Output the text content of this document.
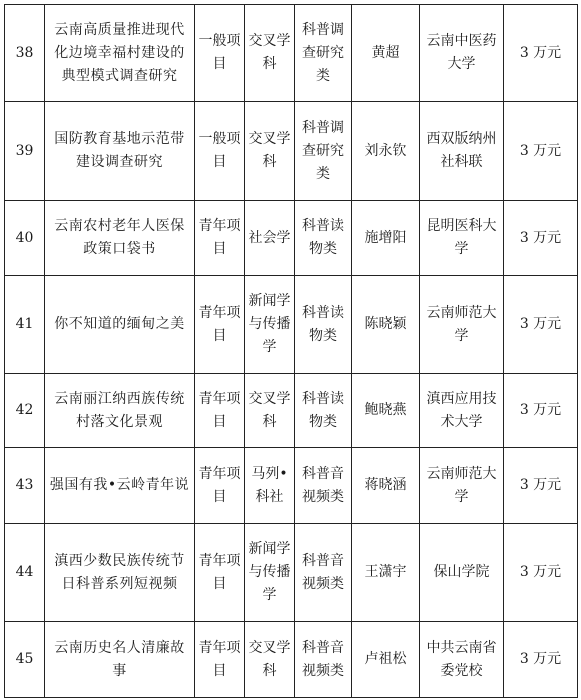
38	云南高质量推进现代化边境幸福村建设的典型模式调查研究	一般项目	交叉学科	科普调查研究类	黄超	云南中医药大学	3 万元
39	国防教育基地示范带建设调查研究	一般项目	交叉学科	科普调查研究类	刘永钦	西双版纳州社科联	3 万元
40	云南农村老年人医保政策口袋书	青年项目	社会学	科普读物类	施增阳	昆明医科大学	3 万元
41	你不知道的缅甸之美	青年项目	新闻学与传播学	科普读物类	陈晓颖	云南师范大学	3 万元
42	云南丽江纳西族传统村落文化景观	青年项目	交叉学科	科普读物类	鲍晓燕	滇西应用技术大学	3 万元
43	强国有我•云岭青年说	青年项目	马列•科社	科普音视频类	蒋晓涵	云南师范大学	3 万元
44	滇西少数民族传统节日科普系列短视频	青年项目	新闻学与传播学	科普音视频类	王潇宇	保山学院	3 万元
45	云南历史名人清廉故事	青年项目	交叉学科	科普音视频类	卢祖松	中共云南省委党校	3 万元
